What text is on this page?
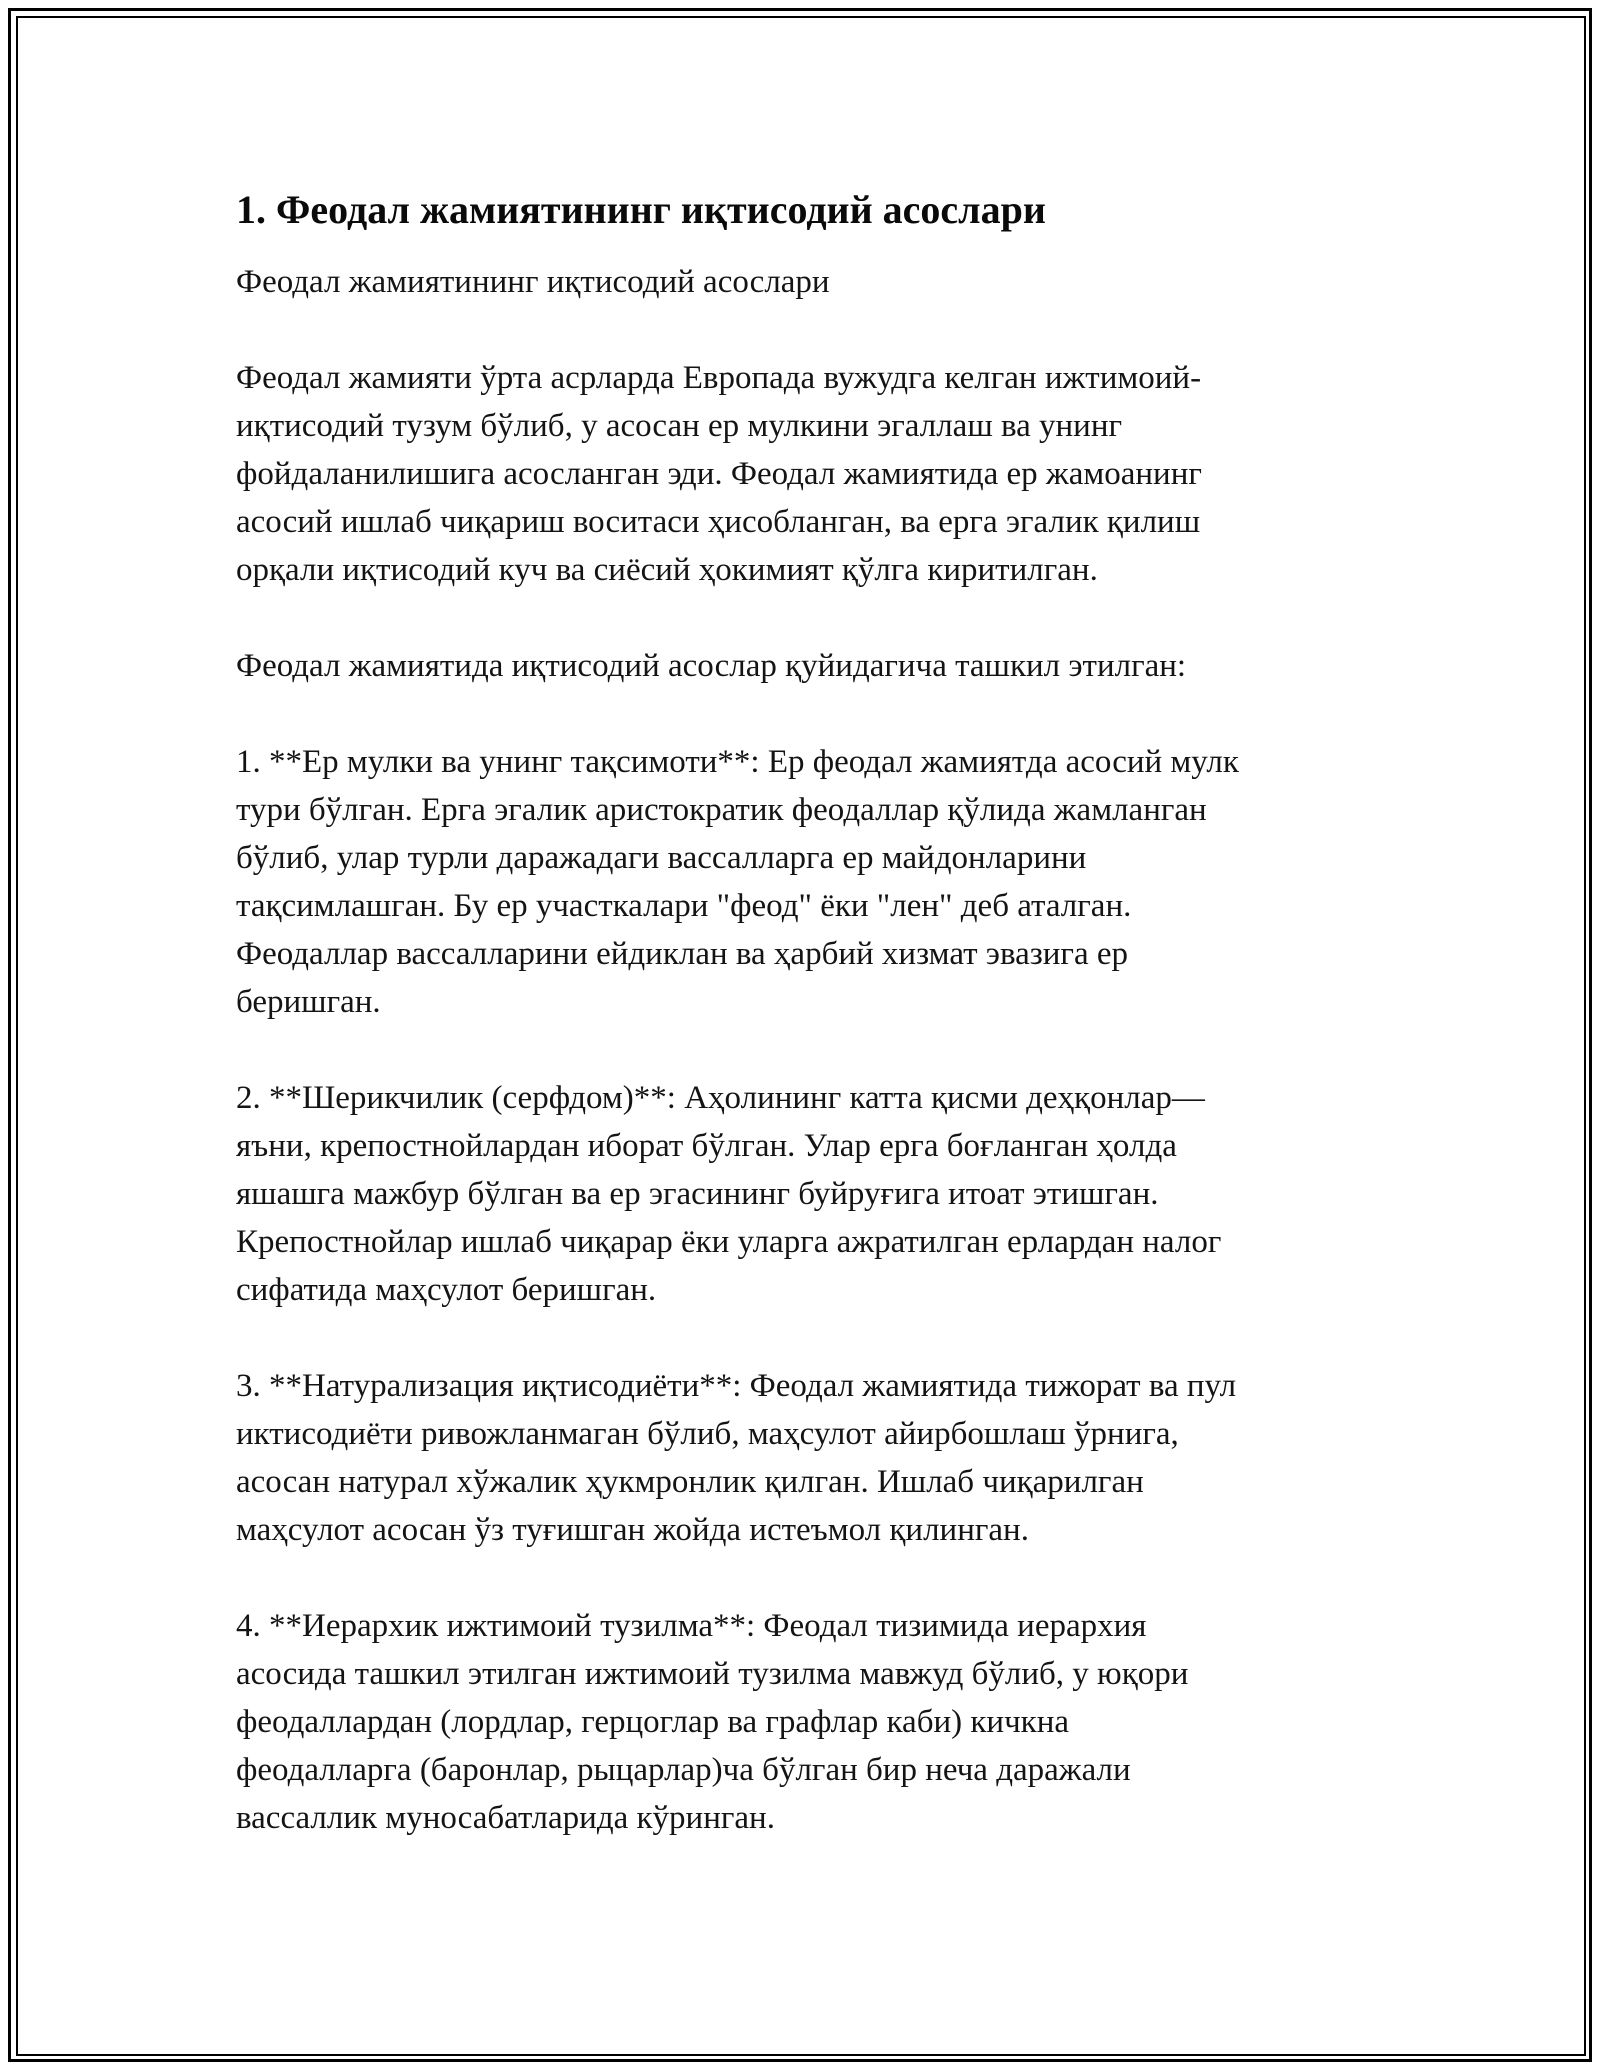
1. Феодал жамиятининг иқтисодий асослари

Феодал жамиятининг иқтисодий асослари

Феодал жамияти ўрта асрларда Европада вужудга келган ижтимоий-
иқтисодий тузум бўлиб, у асосан ер мулкини эгаллаш ва унинг
фойдаланилишига асосланган эди. Феодал жамиятида ер жамоанинг
асосий ишлаб чиқариш воситаси ҳисобланган, ва ерга эгалик қилиш
орқали иқтисодий куч ва сиёсий ҳокимият қўлга киритилган.

Феодал жамиятида иқтисодий асослар қуйидагича ташкил этилган:

1. **Ер мулки ва унинг тақсимоти**: Ер феодал жамиятда асосий мулк
тури бўлган. Ерга эгалик аристократик феодаллар қўлида жамланган
бўлиб, улар турли даражадаги вассалларга ер майдонларини
тақсимлашган. Бу ер участкалари "феод" ёки "лен" деб аталган.
Феодаллар вассалларини ейдиклан ва ҳарбий хизмат эвазига ер
беришган.

2. **Шерикчилик (серфдом)**: Аҳолининг катта қисми деҳқонлар—
яъни, крепостнойлардан иборат бўлган. Улар ерга боғланган ҳолда
яшашга мажбур бўлган ва ер эгасининг буйруғига итоат этишган.
Крепостнойлар ишлаб чиқарар ёки уларга ажратилган ерлардан налог
сифатида маҳсулот беришган.

3. **Натурализация иқтисодиёти**: Феодал жамиятида тижорат ва пул
иктисодиёти ривожланмаган бўлиб, маҳсулот айирбошлаш ўрнига,
асосан натурал хўжалик ҳукмронлик қилган. Ишлаб чиқарилган
маҳсулот асосан ўз туғишган жойда истеъмол қилинган.

4. **Иерархик ижтимоий тузилма**: Феодал тизимида иерархия
асосида ташкил этилган ижтимоий тузилма мавжуд бўлиб, у юқори
феодаллардан (лордлар, герцоглар ва графлар каби) кичкна
феодалларга (баронлар, рыцарлар)ча бўлган бир неча даражали
вассаллик муносабатларида кўринган.
